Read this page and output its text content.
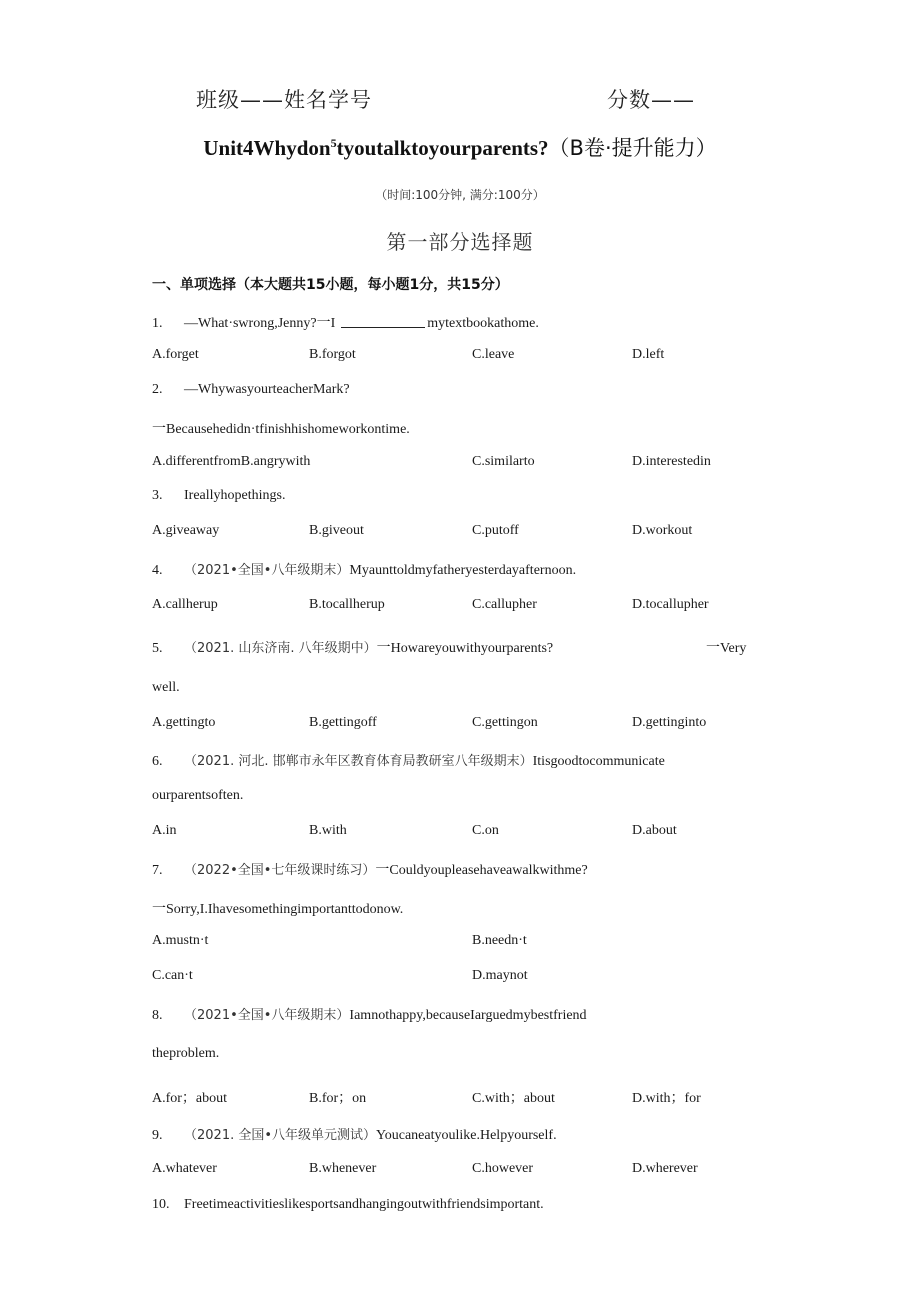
班级——姓名学号	分数——
Unit4Whydon$^5$tyoutalktoyourparents?（B卷·提升能力）
（时间:100分钟, 满分:100分）
第一部分选择题
一、单项选择（本大题共15小题，每小题1分，共15分）
1. —What·swrong,Jenny?一I	mytextbookathome.
A.forget	B.forgot	C.leave	D.left
2. —WhywasyourteacherMark?
一Becausehedidn·tfinishhishomeworkontime.
A.differentfromB.angrywith	C.similarto	D.interestedin
3. Ireallyhopethings.
A.giveaway	B.giveout	C.putoff	D.workout
4. （2021•全国•八年级期末）Myaunttoldmyfatheryesterdayafternoon.
A.callherup	B.tocallherup	C.callupher	D.tocallupher
5. （2021. 山东济南. 八年级期中）一Howareyouwithyourparents?	一Very
well.
A.gettingto	B.gettingoff	C.gettingon	D.gettinginto
6. （2021. 河北. 邯郸市永年区教育体育局教研室八年级期末）Itisgoodtocommunicate
ourparentsoften.
A.in	B.with	C.on	D.about
7. （2022•全国•七年级课时练习）一Couldyoupleasehaveawalkwithme?
一Sorry,I.Ihavesomethingimportanttodonow.
A.mustn·t	B.needn·t
C.can·t	D.maynot
8. （2021•全国•八年级期末）Iamnothappy,becauseIarguedmybestfriend
theproblem.
A.for；about	B.for；on	C.with；about	D.with；for
9. （2021. 全国•八年级单元测试）Youcaneatyoulike.Helpyourself.
A.whatever	B.whenever	C.however	D.wherever
10. Freetimeactivitieslikesportsandhangingoutwithfriendsimportant.
